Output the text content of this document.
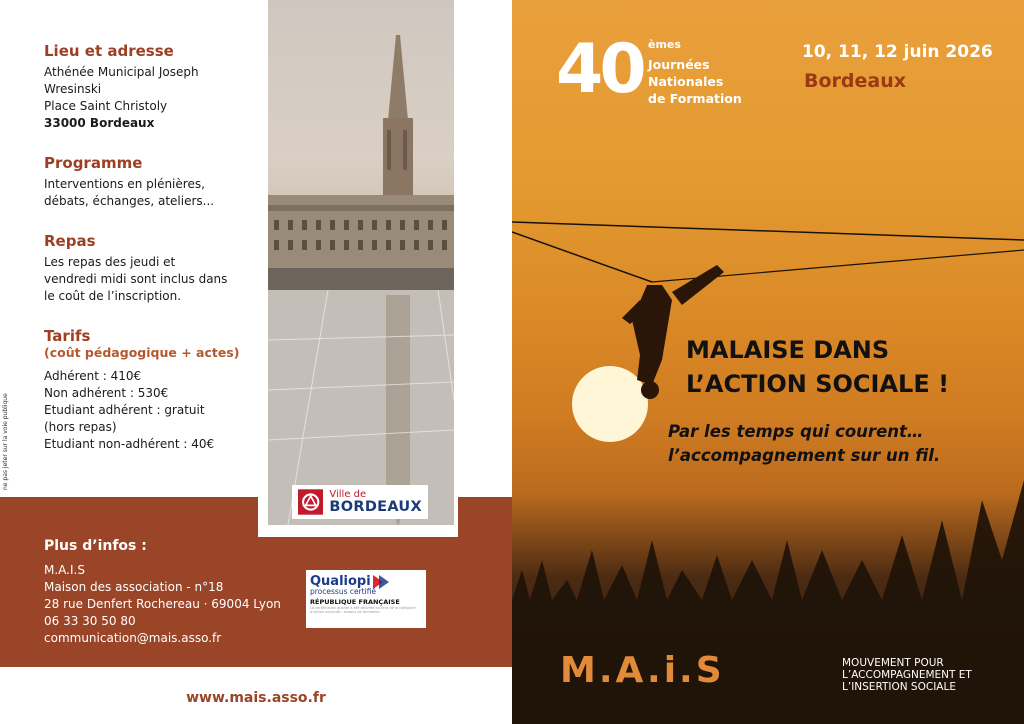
Lieu et adresse
Athénée Municipal Joseph
Wresinski
Place Saint Christoly
33000 Bordeaux
Programme
Interventions en plénières,
débats, échanges, ateliers...
Repas
Les repas des jeudi et
vendredi midi sont inclus dans
le coût de l’inscription.
Tarifs
(coût pédagogique + actes)
Adhérent : 410€
Non adhérent : 530€
Etudiant adhérent : gratuit
(hors repas)
Etudiant non-adhérent : 40€
ne pas jeter sur la voie publique
Ville de
BORDEAUX
Plus d’infos :
M.A.I.S
Maison des association - n°18
28 rue Denfert Rochereau · 69004 Lyon
06 33 30 50 80
communication@mais.asso.fr
Qualiopi
processus certifié
RÉPUBLIQUE FRANÇAISE
La certification qualité a été délivrée au titre de la catégorie d’action suivante : actions de formation
www.mais.asso.fr
40 èmes
Journées
Nationales
de Formation
10, 11, 12 juin 2026
Bordeaux
MALAISE DANS
L’ACTION SOCIALE !
Par les temps qui courent…
l’accompagnement sur un fil.
M.A.i.S	MOUVEMENT POUR
L’ACCOMPAGNEMENT ET
L’INSERTION SOCIALE
